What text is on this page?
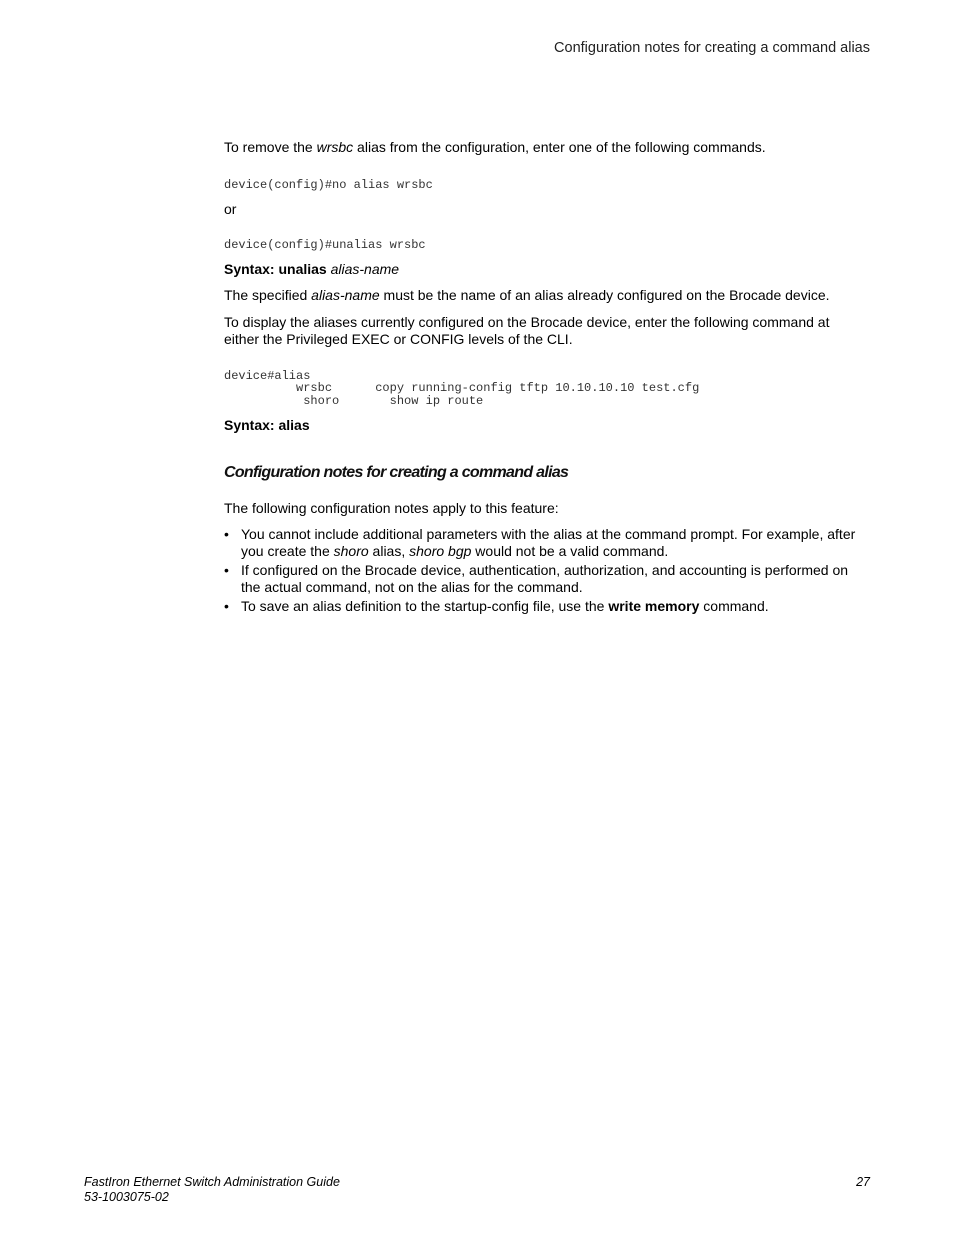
Configuration notes for creating a command alias
To remove the wrsbc alias from the configuration, enter one of the following commands.
device(config)#no alias wrsbc
or
device(config)#unalias wrsbc
Syntax: unalias alias-name
The specified alias-name must be the name of an alias already configured on the Brocade device.
To display the aliases currently configured on the Brocade device, enter the following command at
either the Privileged EXEC or CONFIG levels of the CLI.
device#alias
wrsbc      copy running-config tftp 10.10.10.10 test.cfg
shoro       show ip route
Syntax: alias
Configuration notes for creating a command alias
The following configuration notes apply to this feature:
• You cannot include additional parameters with the alias at the command prompt. For example, after
you create the shoro alias, shoro bgp would not be a valid command.
• If configured on the Brocade device, authentication, authorization, and accounting is performed on
the actual command, not on the alias for the command.
• To save an alias definition to the startup-config file, use the write memory command.
FastIron Ethernet Switch Administration Guide
53-1003075-02
27
